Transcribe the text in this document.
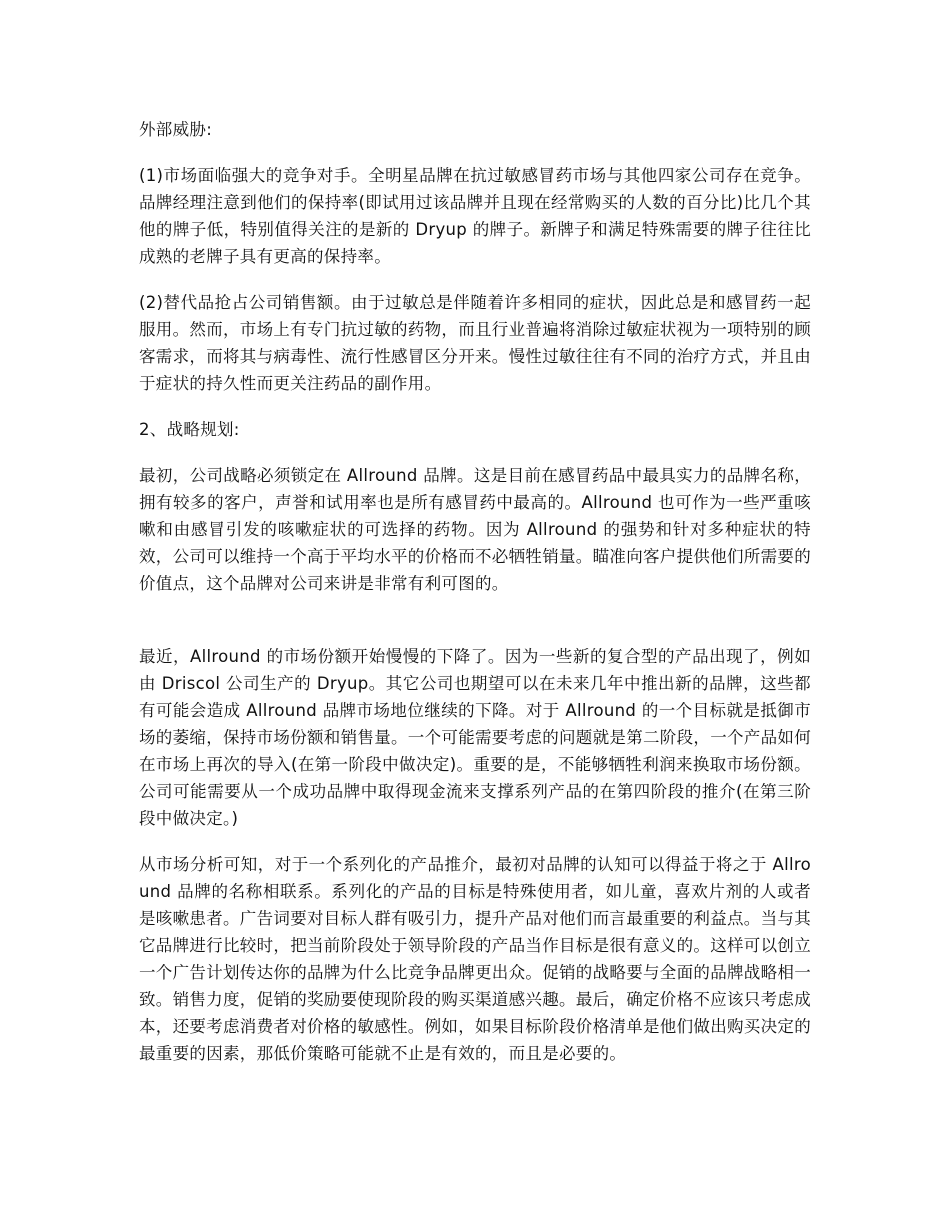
外部威胁:

(1)市场面临强大的竞争对手。全明星品牌在抗过敏感冒药市场与其他四家公司存在竞争。品牌经理注意到他们的保持率(即试用过该品牌并且现在经常购买的人数的百分比)比几个其他的牌子低，特别值得关注的是新的 Dryup 的牌子。新牌子和满足特殊需要的牌子往往比成熟的老牌子具有更高的保持率。

(2)替代品抢占公司销售额。由于过敏总是伴随着许多相同的症状，因此总是和感冒药一起服用。然而，市场上有专门抗过敏的药物，而且行业普遍将消除过敏症状视为一项特别的顾客需求，而将其与病毒性、流行性感冒区分开来。慢性过敏往往有不同的治疗方式，并且由于症状的持久性而更关注药品的副作用。

2、战略规划:

最初，公司战略必须锁定在 Allround 品牌。这是目前在感冒药品中最具实力的品牌名称，拥有较多的客户，声誉和试用率也是所有感冒药中最高的。Allround 也可作为一些严重咳嗽和由感冒引发的咳嗽症状的可选择的药物。因为 Allround 的强势和针对多种症状的特效，公司可以维持一个高于平均水平的价格而不必牺牲销量。瞄准向客户提供他们所需要的价值点，这个品牌对公司来讲是非常有利可图的。

最近，Allround 的市场份额开始慢慢的下降了。因为一些新的复合型的产品出现了，例如由 Driscol 公司生产的 Dryup。其它公司也期望可以在未来几年中推出新的品牌，这些都有可能会造成 Allround 品牌市场地位继续的下降。对于 Allround 的一个目标就是抵御市场的萎缩，保持市场份额和销售量。一个可能需要考虑的问题就是第二阶段，一个产品如何在市场上再次的导入(在第一阶段中做决定)。重要的是，不能够牺牲利润来换取市场份额。公司可能需要从一个成功品牌中取得现金流来支撑系列产品的在第四阶段的推介(在第三阶段中做决定。)

从市场分析可知，对于一个系列化的产品推介，最初对品牌的认知可以得益于将之于 Allround 品牌的名称相联系。系列化的产品的目标是特殊使用者，如儿童，喜欢片剂的人或者是咳嗽患者。广告词要对目标人群有吸引力，提升产品对他们而言最重要的利益点。当与其它品牌进行比较时，把当前阶段处于领导阶段的产品当作目标是很有意义的。这样可以创立一个广告计划传达你的品牌为什么比竞争品牌更出众。促销的战略要与全面的品牌战略相一致。销售力度，促销的奖励要使现阶段的购买渠道感兴趣。最后，确定价格不应该只考虑成本，还要考虑消费者对价格的敏感性。例如，如果目标阶段价格清单是他们做出购买决定的最重要的因素，那低价策略可能就不止是有效的，而且是必要的。
